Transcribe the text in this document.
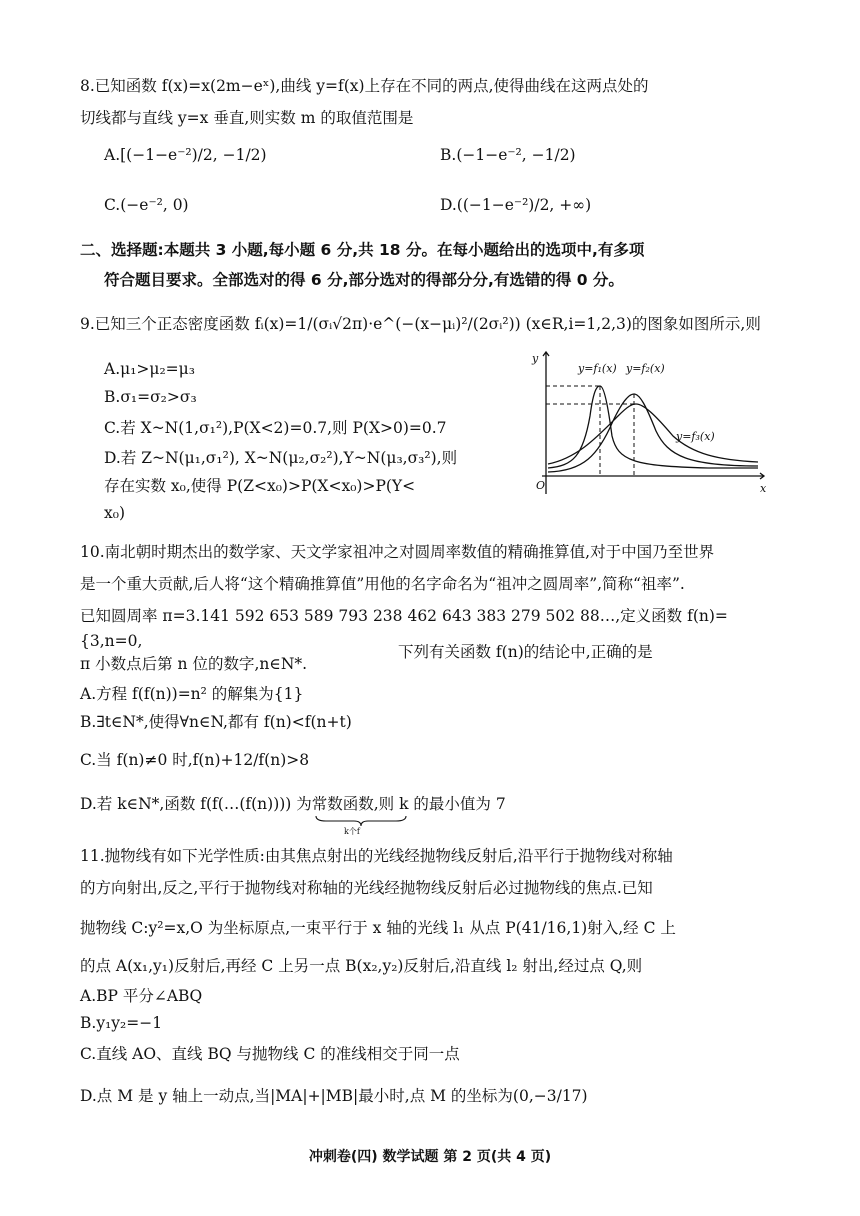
8.已知函数 f(x)=x(2m−eˣ),曲线 y=f(x)上存在不同的两点,使得曲线在这两点处的
切线都与直线 y=x 垂直,则实数 m 的取值范围是
A.[(−1−e⁻²)/2, −1/2)	B.(−1−e⁻², −1/2)
C.(−e⁻², 0)	D.((−1−e⁻²)/2, +∞)
二、选择题:本题共 3 小题,每小题 6 分,共 18 分。在每小题给出的选项中,有多项
符合题目要求。全部选对的得 6 分,部分选对的得部分分,有选错的得 0 分。
9.已知三个正态密度函数 fᵢ(x)=1/(σᵢ√2π)·e^(−(x−μᵢ)²/(2σᵢ²)) (x∈R,i=1,2,3)的图象如图所示,则
A.μ₁>μ₂=μ₃
B.σ₁=σ₂>σ₃
C.若 X~N(1,σ₁²),P(X<2)=0.7,则 P(X>0)=0.7
D.若 Z~N(μ₁,σ₁²), X~N(μ₂,σ₂²),Y~N(μ₃,σ₃²),则
存在实数 x₀,使得 P(Z<x₀)>P(X<x₀)>P(Y<
x₀)
y
x
O
y=f₁(x) y=f₂(x)
y=f₃(x)
10.南北朝时期杰出的数学家、天文学家祖冲之对圆周率数值的精确推算值,对于中国乃至世界
是一个重大贡献,后人将“这个精确推算值”用他的名字命名为“祖冲之圆周率”,简称“祖率”.
已知圆周率 π=3.141 592 653 589 793 238 462 643 383 279 502 88…,定义函数 f(n)=
{3,n=0,
π 小数点后第 n 位的数字,n∈N*.
下列有关函数 f(n)的结论中,正确的是
A.方程 f(f(n))=n² 的解集为{1}
B.∃t∈N*,使得∀n∈N,都有 f(n)<f(n+t)
C.当 f(n)≠0 时,f(n)+12/f(n)>8
D.若 k∈N*,函数 f(f(…(f(n)))) 为常数函数,则 k 的最小值为 7
k个f
11.抛物线有如下光学性质:由其焦点射出的光线经抛物线反射后,沿平行于抛物线对称轴
的方向射出,反之,平行于抛物线对称轴的光线经抛物线反射后必过抛物线的焦点.已知
抛物线 C:y²=x,O 为坐标原点,一束平行于 x 轴的光线 l₁ 从点 P(41/16,1)射入,经 C 上
的点 A(x₁,y₁)反射后,再经 C 上另一点 B(x₂,y₂)反射后,沿直线 l₂ 射出,经过点 Q,则
A.BP 平分∠ABQ
B.y₁y₂=−1
C.直线 AO、直线 BQ 与抛物线 C 的准线相交于同一点
D.点 M 是 y 轴上一动点,当|MA|+|MB|最小时,点 M 的坐标为(0,−3/17)
冲刺卷(四) 数学试题 第 2 页(共 4 页)
